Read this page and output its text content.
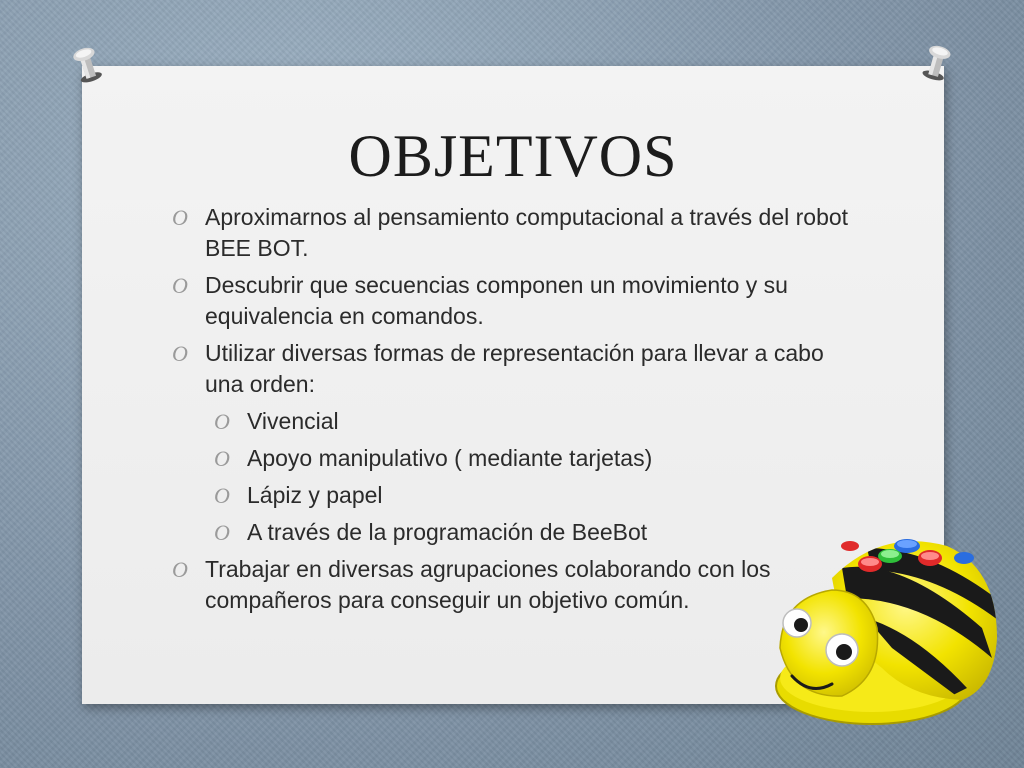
OBJETIVOS
O Aproximarnos al pensamiento computacional a través del robot BEE BOT.
O Descubrir que secuencias componen un movimiento y su equivalencia en comandos.
O Utilizar diversas formas de representación para llevar a cabo una orden:
O Vivencial
O Apoyo manipulativo ( mediante tarjetas)
O Lápiz y papel
O A través de la programación de BeeBot
O Trabajar en diversas agrupaciones colaborando con los compañeros para conseguir un objetivo común.
